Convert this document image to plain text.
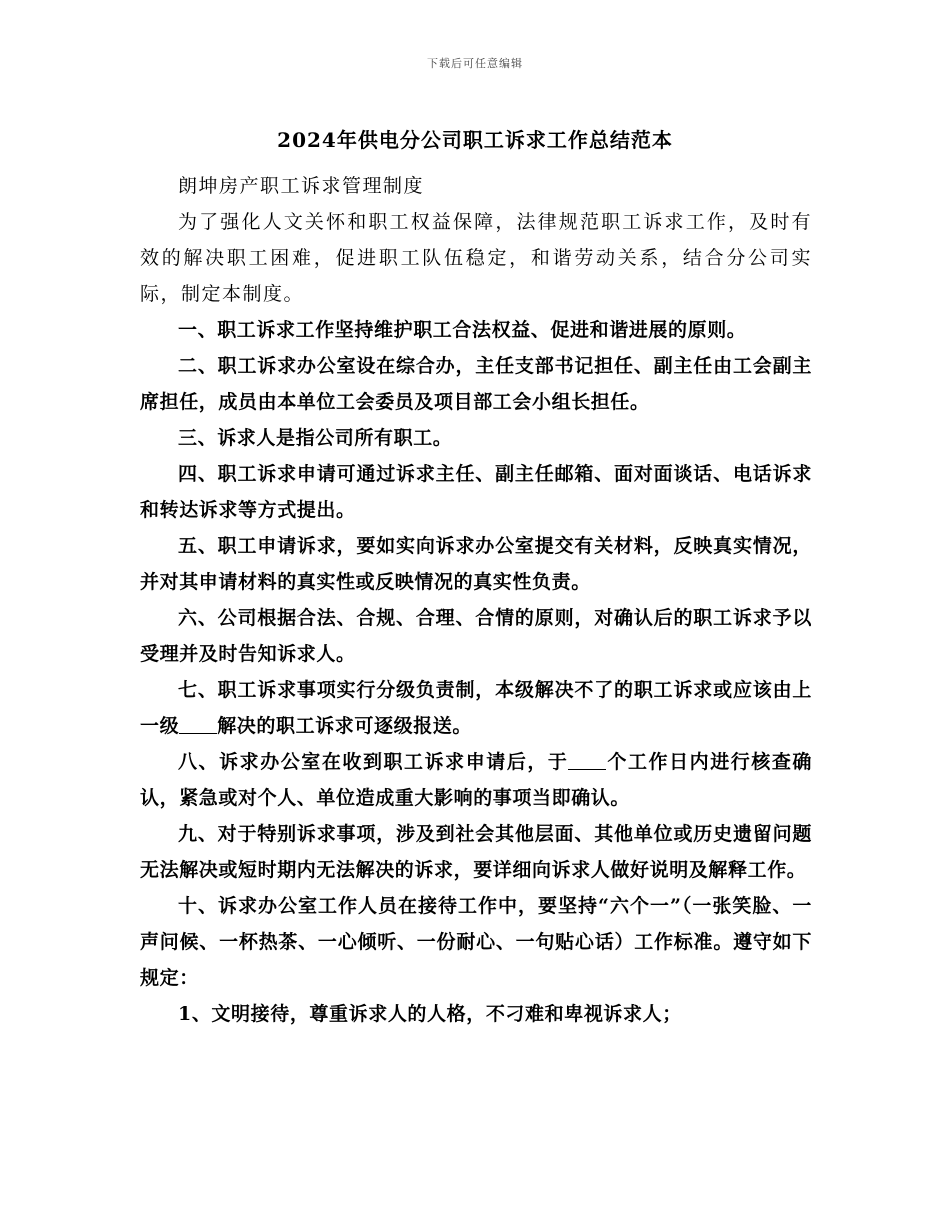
下载后可任意编辑
2024年供电分公司职工诉求工作总结范本

朗坤房产职工诉求管理制度

为了强化人文关怀和职工权益保障，法律规范职工诉求工作，及时有效的解决职工困难，促进职工队伍稳定，和谐劳动关系，结合分公司实际，制定本制度。

一、职工诉求工作坚持维护职工合法权益、促进和谐进展的原则。

二、职工诉求办公室设在综合办，主任支部书记担任、副主任由工会副主席担任，成员由本单位工会委员及项目部工会小组长担任。

三、诉求人是指公司所有职工。

四、职工诉求申请可通过诉求主任、副主任邮箱、面对面谈话、电话诉求和转达诉求等方式提出。

五、职工申请诉求，要如实向诉求办公室提交有关材料，反映真实情况，并对其申请材料的真实性或反映情况的真实性负责。

六、公司根据合法、合规、合理、合情的原则，对确认后的职工诉求予以受理并及时告知诉求人。

七、职工诉求事项实行分级负责制，本级解决不了的职工诉求或应该由上一级 解决的职工诉求可逐级报送。

八、诉求办公室在收到职工诉求申请后，于 个工作日内进行核查确认，紧急或对个人、单位造成重大影响的事项当即确认。

九、对于特别诉求事项，涉及到社会其他层面、其他单位或历史遗留问题无法解决或短时期内无法解决的诉求，要详细向诉求人做好说明及解释工作。

十、诉求办公室工作人员在接待工作中，要坚持“六个一”（一张笑脸、一声问候、一杯热茶、一心倾听、一份耐心、一句贴心话）工作标准。遵守如下规定：

1、文明接待，尊重诉求人的人格，不刁难和卑视诉求人；
